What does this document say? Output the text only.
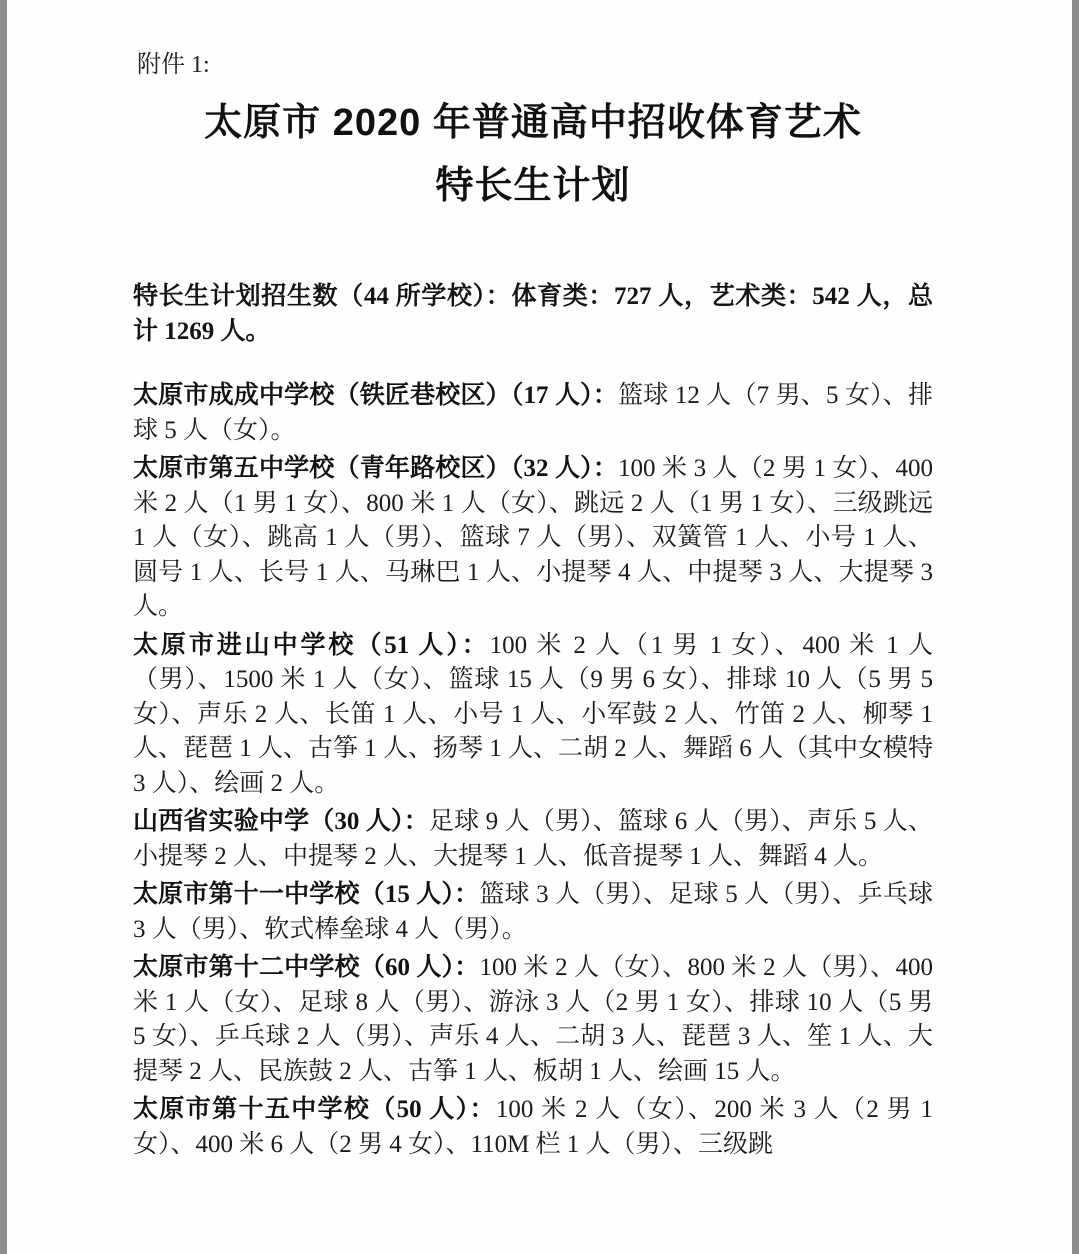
附件 1:
太原市 2020 年普通高中招收体育艺术
特长生计划

特长生计划招生数（44 所学校）：体育类：727 人，艺术类：542 人，总计 1269 人。

太原市成成中学校（铁匠巷校区）（17 人）：篮球 12 人（7 男、5 女）、排球 5 人（女）。

太原市第五中学校（青年路校区）（32 人）：100 米 3 人（2 男 1 女）、400 米 2 人（1 男 1 女）、800 米 1 人（女）、跳远 2 人（1 男 1 女）、三级跳远 1 人（女）、跳高 1 人（男）、篮球 7 人（男）、双簧管 1 人、小号 1 人、圆号 1 人、长号 1 人、马琳巴 1 人、小提琴 4 人、中提琴 3 人、大提琴 3 人。

太原市进山中学校（51 人）：100 米 2 人（1 男 1 女）、400 米 1 人（男）、1500 米 1 人（女）、篮球 15 人（9 男 6 女）、排球 10 人（5 男 5 女）、声乐 2 人、长笛 1 人、小号 1 人、小军鼓 2 人、竹笛 2 人、柳琴 1 人、琵琶 1 人、古筝 1 人、扬琴 1 人、二胡 2 人、舞蹈 6 人（其中女模特 3 人）、绘画 2 人。

山西省实验中学（30 人）：足球 9 人（男）、篮球 6 人（男）、声乐 5 人、小提琴 2 人、中提琴 2 人、大提琴 1 人、低音提琴 1 人、舞蹈 4 人。

太原市第十一中学校（15 人）：篮球 3 人（男）、足球 5 人（男）、乒乓球 3 人（男）、软式棒垒球 4 人（男）。

太原市第十二中学校（60 人）：100 米 2 人（女）、800 米 2 人（男）、400 米 1 人（女）、足球 8 人（男）、游泳 3 人（2 男 1 女）、排球 10 人（5 男 5 女）、乒乓球 2 人（男）、声乐 4 人、二胡 3 人、琵琶 3 人、笙 1 人、大提琴 2 人、民族鼓 2 人、古筝 1 人、板胡 1 人、绘画 15 人。

太原市第十五中学校（50 人）：100 米 2 人（女）、200 米 3 人（2 男 1 女）、400 米 6 人（2 男 4 女）、110M 栏 1 人（男）、三级跳
